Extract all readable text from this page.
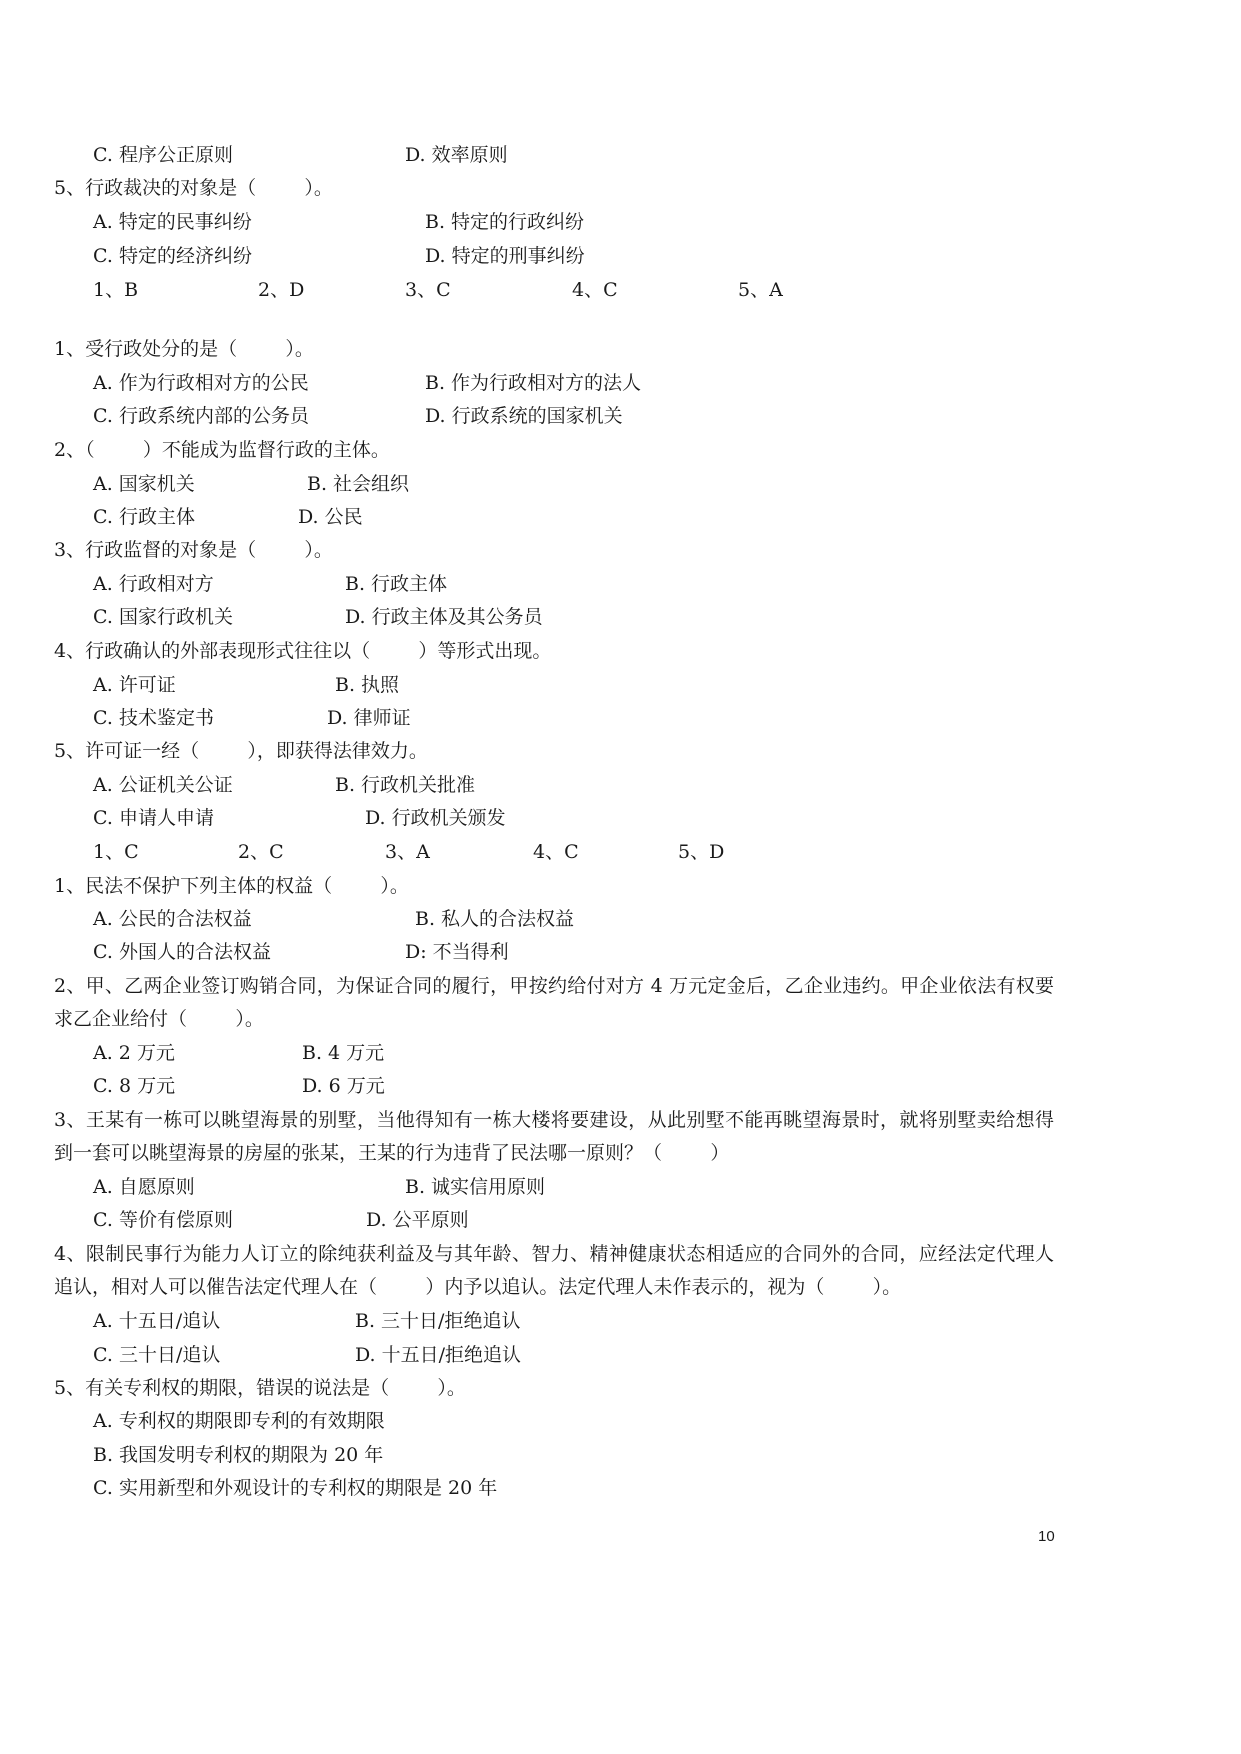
C. 程序公正原则	D. 效率原则
5、行政裁决的对象是（        ）。
A. 特定的民事纠纷	B. 特定的行政纠纷
C. 特定的经济纠纷	D. 特定的刑事纠纷
1、B	2、D	3、C	4、C	5、A
1、受行政处分的是（        ）。
A. 作为行政相对方的公民	B. 作为行政相对方的法人
C. 行政系统内部的公务员	D. 行政系统的国家机关
2、（        ）不能成为监督行政的主体。
A. 国家机关	B. 社会组织
C. 行政主体	D. 公民
3、行政监督的对象是（        ）。
A. 行政相对方	B. 行政主体
C. 国家行政机关	D. 行政主体及其公务员
4、行政确认的外部表现形式往往以（        ）等形式出现。
A. 许可证	B. 执照
C. 技术鉴定书	D. 律师证
5、许可证一经（        ），即获得法律效力。
A. 公证机关公证	B. 行政机关批准
C. 申请人申请	D. 行政机关颁发
1、C	2、C	3、A	4、C	5、D
1、民法不保护下列主体的权益（        ）。
A. 公民的合法权益	B. 私人的合法权益
C. 外国人的合法权益	D: 不当得利
2、甲、乙两企业签订购销合同，为保证合同的履行，甲按约给付对方 4 万元定金后，乙企业违约。甲企业依法有权要
求乙企业给付（        ）。
A. 2 万元	B. 4 万元
C. 8 万元	D. 6 万元
3、王某有一栋可以眺望海景的别墅，当他得知有一栋大楼将要建设，从此别墅不能再眺望海景时，就将别墅卖给想得
到一套可以眺望海景的房屋的张某，王某的行为违背了民法哪一原则？（        ）
A. 自愿原则	B. 诚实信用原则
C. 等价有偿原则	D. 公平原则
4、限制民事行为能力人订立的除纯获利益及与其年龄、智力、精神健康状态相适应的合同外的合同，应经法定代理人
追认，相对人可以催告法定代理人在（        ）内予以追认。法定代理人未作表示的，视为（        ）。
A. 十五日/追认	B. 三十日/拒绝追认
C. 三十日/追认	D. 十五日/拒绝追认
5、有关专利权的期限，错误的说法是（        ）。
A. 专利权的期限即专利的有效期限
B. 我国发明专利权的期限为 20 年
C. 实用新型和外观设计的专利权的期限是 20 年
10
